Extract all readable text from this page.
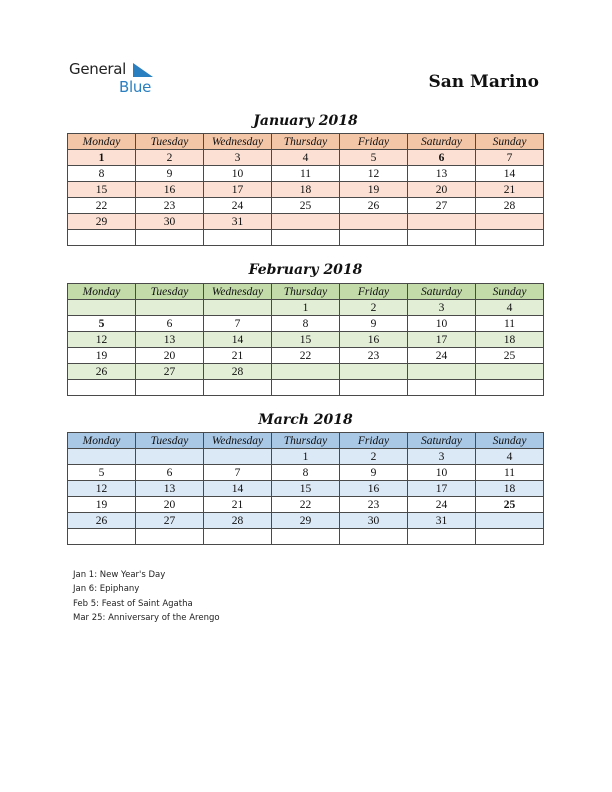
General
Blue	San Marino
January 2018
Monday	Tuesday	Wednesday	Thursday	Friday	Saturday	Sunday
1	2	3	4	5	6	7
8	9	10	11	12	13	14
15	16	17	18	19	20	21
22	23	24	25	26	27	28
29	30	31				

February 2018
Monday	Tuesday	Wednesday	Thursday	Friday	Saturday	Sunday
			1	2	3	4
5	6	7	8	9	10	11
12	13	14	15	16	17	18
19	20	21	22	23	24	25
26	27	28				

March 2018
Monday	Tuesday	Wednesday	Thursday	Friday	Saturday	Sunday
			1	2	3	4
5	6	7	8	9	10	11
12	13	14	15	16	17	18
19	20	21	22	23	24	25
26	27	28	29	30	31	

Jan 1: New Year's Day
Jan 6: Epiphany
Feb 5: Feast of Saint Agatha
Mar 25: Anniversary of the Arengo
